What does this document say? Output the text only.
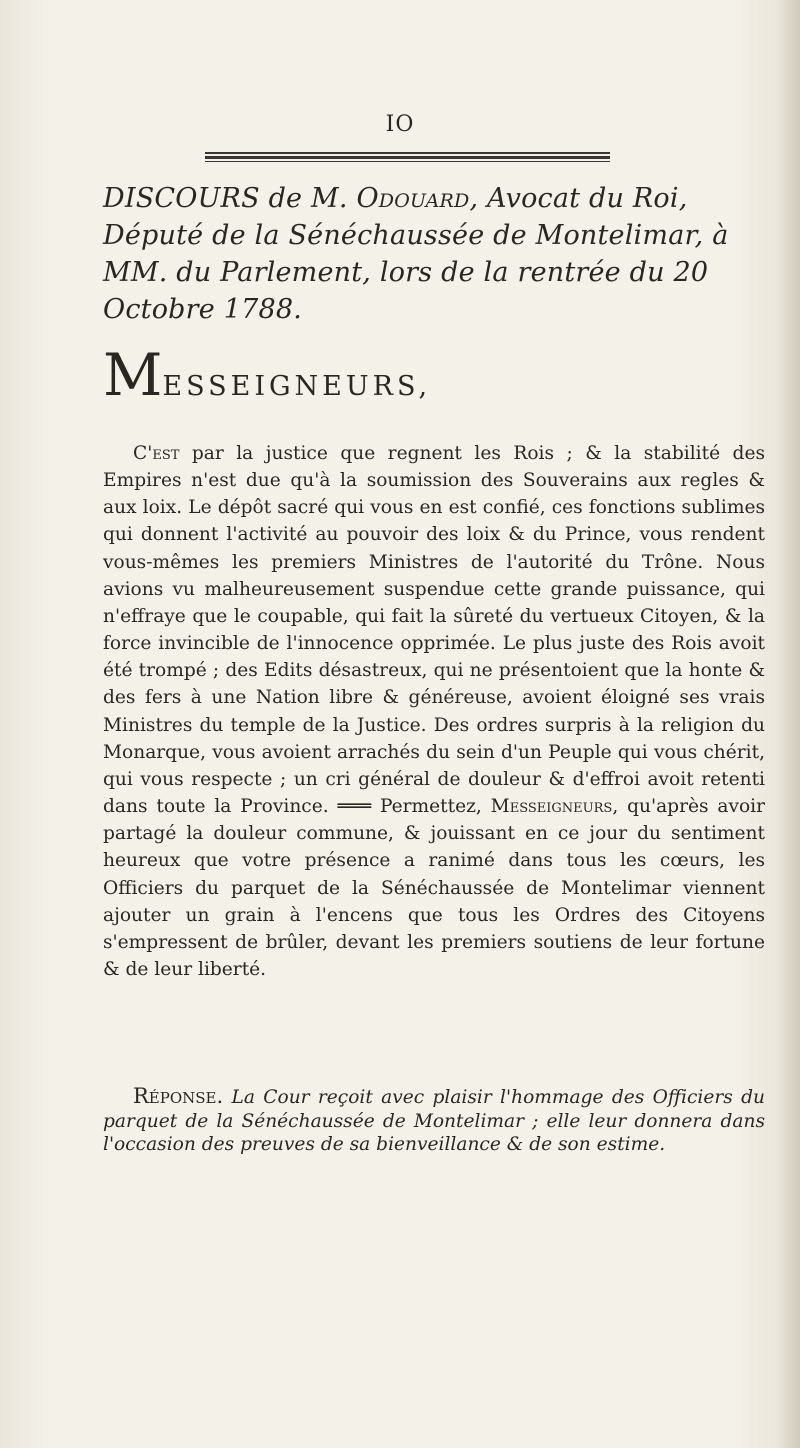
IO
DISCOURS de M. Odouard, Avocat du Roi, Député de la Sénéchaussée de Montelimar, à MM. du Parlement, lors de la rentrée du 20 Octobre 1788.
MESSEIGNEURS,
C'est par la justice que regnent les Rois ; & la stabilité des Empires n'est due qu'à la soumission des Souverains aux regles & aux loix. Le dépôt sacré qui vous en est confié, ces fonctions sublimes qui donnent l'activité au pouvoir des loix & du Prince, vous rendent vous-mêmes les premiers Ministres de l'autorité du Trône. Nous avions vu malheureusement suspendue cette grande puissance, qui n'effraye que le coupable, qui fait la sûreté du vertueux Citoyen, & la force invincible de l'innocence opprimée. Le plus juste des Rois avoit été trompé ; des Edits désastreux, qui ne présentoient que la honte & des fers à une Nation libre & généreuse, avoient éloigné ses vrais Ministres du temple de la Justice. Des ordres surpris à la religion du Monarque, vous avoient arrachés du sein d'un Peuple qui vous chérit, qui vous respecte ; un cri général de douleur & d'effroi avoit retenti dans toute la Province. ═══ Permettez, Messeigneurs, qu'après avoir partagé la douleur commune, & jouissant en ce jour du sentiment heureux que votre présence a ranimé dans tous les cœurs, les Officiers du parquet de la Sénéchaussée de Montelimar viennent ajouter un grain à l'encens que tous les Ordres des Citoyens s'empressent de brûler, devant les premiers soutiens de leur fortune & de leur liberté.
Réponse. La Cour reçoit avec plaisir l'hommage des Officiers du parquet de la Sénéchaussée de Montelimar ; elle leur donnera dans l'occasion des preuves de sa bienveillance & de son estime.
